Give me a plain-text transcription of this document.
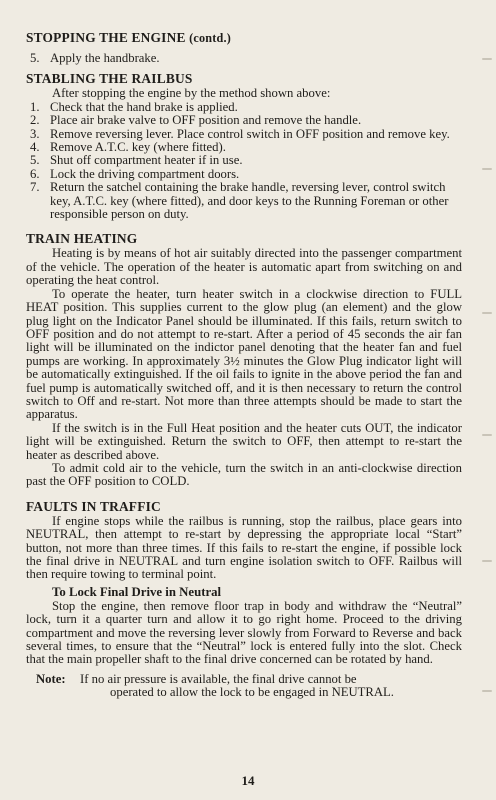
STOPPING THE ENGINE (contd.)
5. Apply the handbrake.
STABLING THE RAILBUS
After stopping the engine by the method shown above:
1. Check that the hand brake is applied.
2. Place air brake valve to OFF position and remove the handle.
3. Remove reversing lever. Place control switch in OFF position and remove key.
4. Remove A.T.C. key (where fitted).
5. Shut off compartment heater if in use.
6. Lock the driving compartment doors.
7. Return the satchel containing the brake handle, reversing lever, control switch key, A.T.C. key (where fitted), and door keys to the Running Foreman or other responsible person on duty.
TRAIN HEATING

Heating is by means of hot air suitably directed into the passenger compartment of the vehicle. The operation of the heater is automatic apart from switching on and operating the heat control.

To operate the heater, turn heater switch in a clockwise direction to FULL HEAT position. This supplies current to the glow plug (an element) and the glow plug light on the Indicator Panel should be illuminated. If this fails, return switch to OFF position and do not attempt to re-start. After a period of 45 seconds the air fan light will be illuminated on the indictor panel denoting that the heater fan and fuel pumps are working. In approximately 3½ minutes the Glow Plug indicator light will be automatically extinguished. If the oil fails to ignite in the above period the fan and fuel pump is automatically switched off, and it is then necessary to return the control switch to Off and re-start. Not more than three attempts should be made to start the apparatus.

If the switch is in the Full Heat position and the heater cuts OUT, the indicator light will be extinguished. Return the switch to OFF, then attempt to re-start the heater as described above.

To admit cold air to the vehicle, turn the switch in an anti-clockwise direction past the OFF position to COLD.

FAULTS IN TRAFFIC

If engine stops while the railbus is running, stop the railbus, place gears into NEUTRAL, then attempt to re-start by depressing the appropriate local “Start” button, not more than three times. If this fails to re-start the engine, if possible lock the final drive in NEUTRAL and turn engine isolation switch to OFF. Railbus will then require towing to terminal point.

To Lock Final Drive in Neutral

Stop the engine, then remove floor trap in body and withdraw the “Neutral” lock, turn it a quarter turn and allow it to go right home. Proceed to the driving compartment and move the reversing lever slowly from Forward to Reverse and back several times, to ensure that the “Neutral” lock is entered fully into the slot. Check that the main propeller shaft to the final drive concerned can be rotated by hand.

Note:	If no air pressure is available, the final drive cannot be
operated to allow the lock to be engaged in NEUTRAL.
14
